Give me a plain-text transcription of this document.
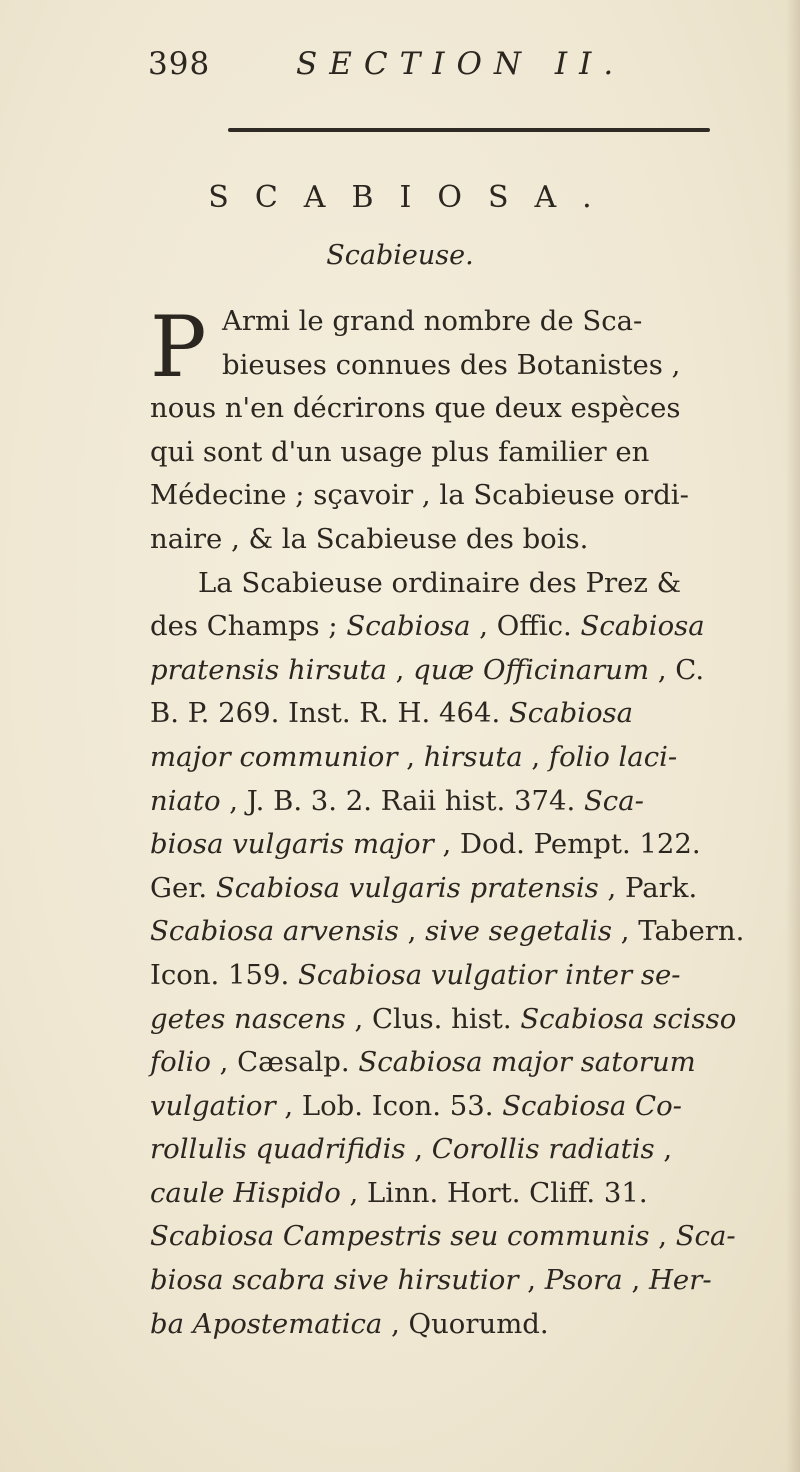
398	SECTION II.
SCABIOSA.
Scabieuse.
P Armi le grand nombre de Sca-
bieuses connues des Botanistes ,
nous n'en décrirons que deux espèces
qui sont d'un usage plus familier en
Médecine ; sçavoir , la Scabieuse ordi-
naire , & la Scabieuse des bois.
La Scabieuse ordinaire des Prez &
des Champs ; Scabiosa , Offic. Scabiosa
pratensis hirsuta , quæ Officinarum , C.
B. P. 269. Inst. R. H. 464. Scabiosa
major communior , hirsuta , folio laci-
niato , J. B. 3. 2. Raii hist. 374. Sca-
biosa vulgaris major , Dod. Pempt. 122.
Ger. Scabiosa vulgaris pratensis , Park.
Scabiosa arvensis , sive segetalis , Tabern.
Icon. 159. Scabiosa vulgatior inter se-
getes nascens , Clus. hist. Scabiosa scisso
folio , Cæsalp. Scabiosa major satorum
vulgatior , Lob. Icon. 53. Scabiosa Co-
rollulis quadrifidis , Corollis radiatis ,
caule Hispido , Linn. Hort. Cliff. 31.
Scabiosa Campestris seu communis , Sca-
biosa scabra sive hirsutior , Psora , Her-
ba Apostematica , Quorumd.
